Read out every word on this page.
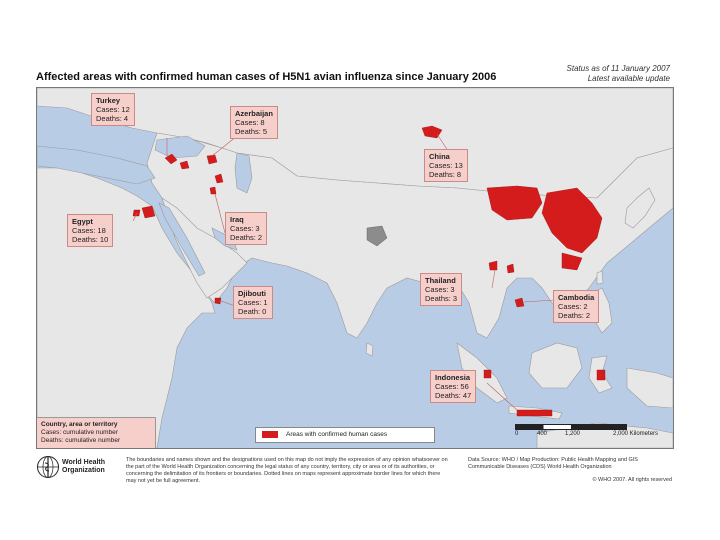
Affected areas with confirmed human cases of H5N1 avian influenza since January 2006
Status as of 11 January 2007
Latest available update
Turkey
Cases: 12
Deaths: 4
Azerbaijan
Cases: 8
Deaths: 5
China
Cases: 13
Deaths: 8
Egypt
Cases: 18
Deaths: 10
Iraq
Cases: 3
Deaths: 2
Thailand
Cases: 3
Deaths: 3
Djibouti
Cases: 1
Death: 0
Cambodia
Cases: 2
Deaths: 2
Indonesia
Cases: 56
Deaths: 47
Country, area or territory
Cases: cumulative number
Deaths: cumulative number
Areas with confirmed human cases	0	400	1,200	2,000 Kilometers
World Health
Organization
The boundaries and names shown and the designations used on this map do not imply the expression of any opinion whatsoever on the part of the World Health Organization concerning the legal status of any country, territory, city or area or of its authorities, or concerning the delimitation of its frontiers or boundaries. Dotted lines on maps represent approximate border lines for which there may not yet be full agreement.
Data Source: WHO / Map Production: Public Health Mapping and GIS Communicable Diseases (CDS) World Health Organization
© WHO 2007. All rights reserved
